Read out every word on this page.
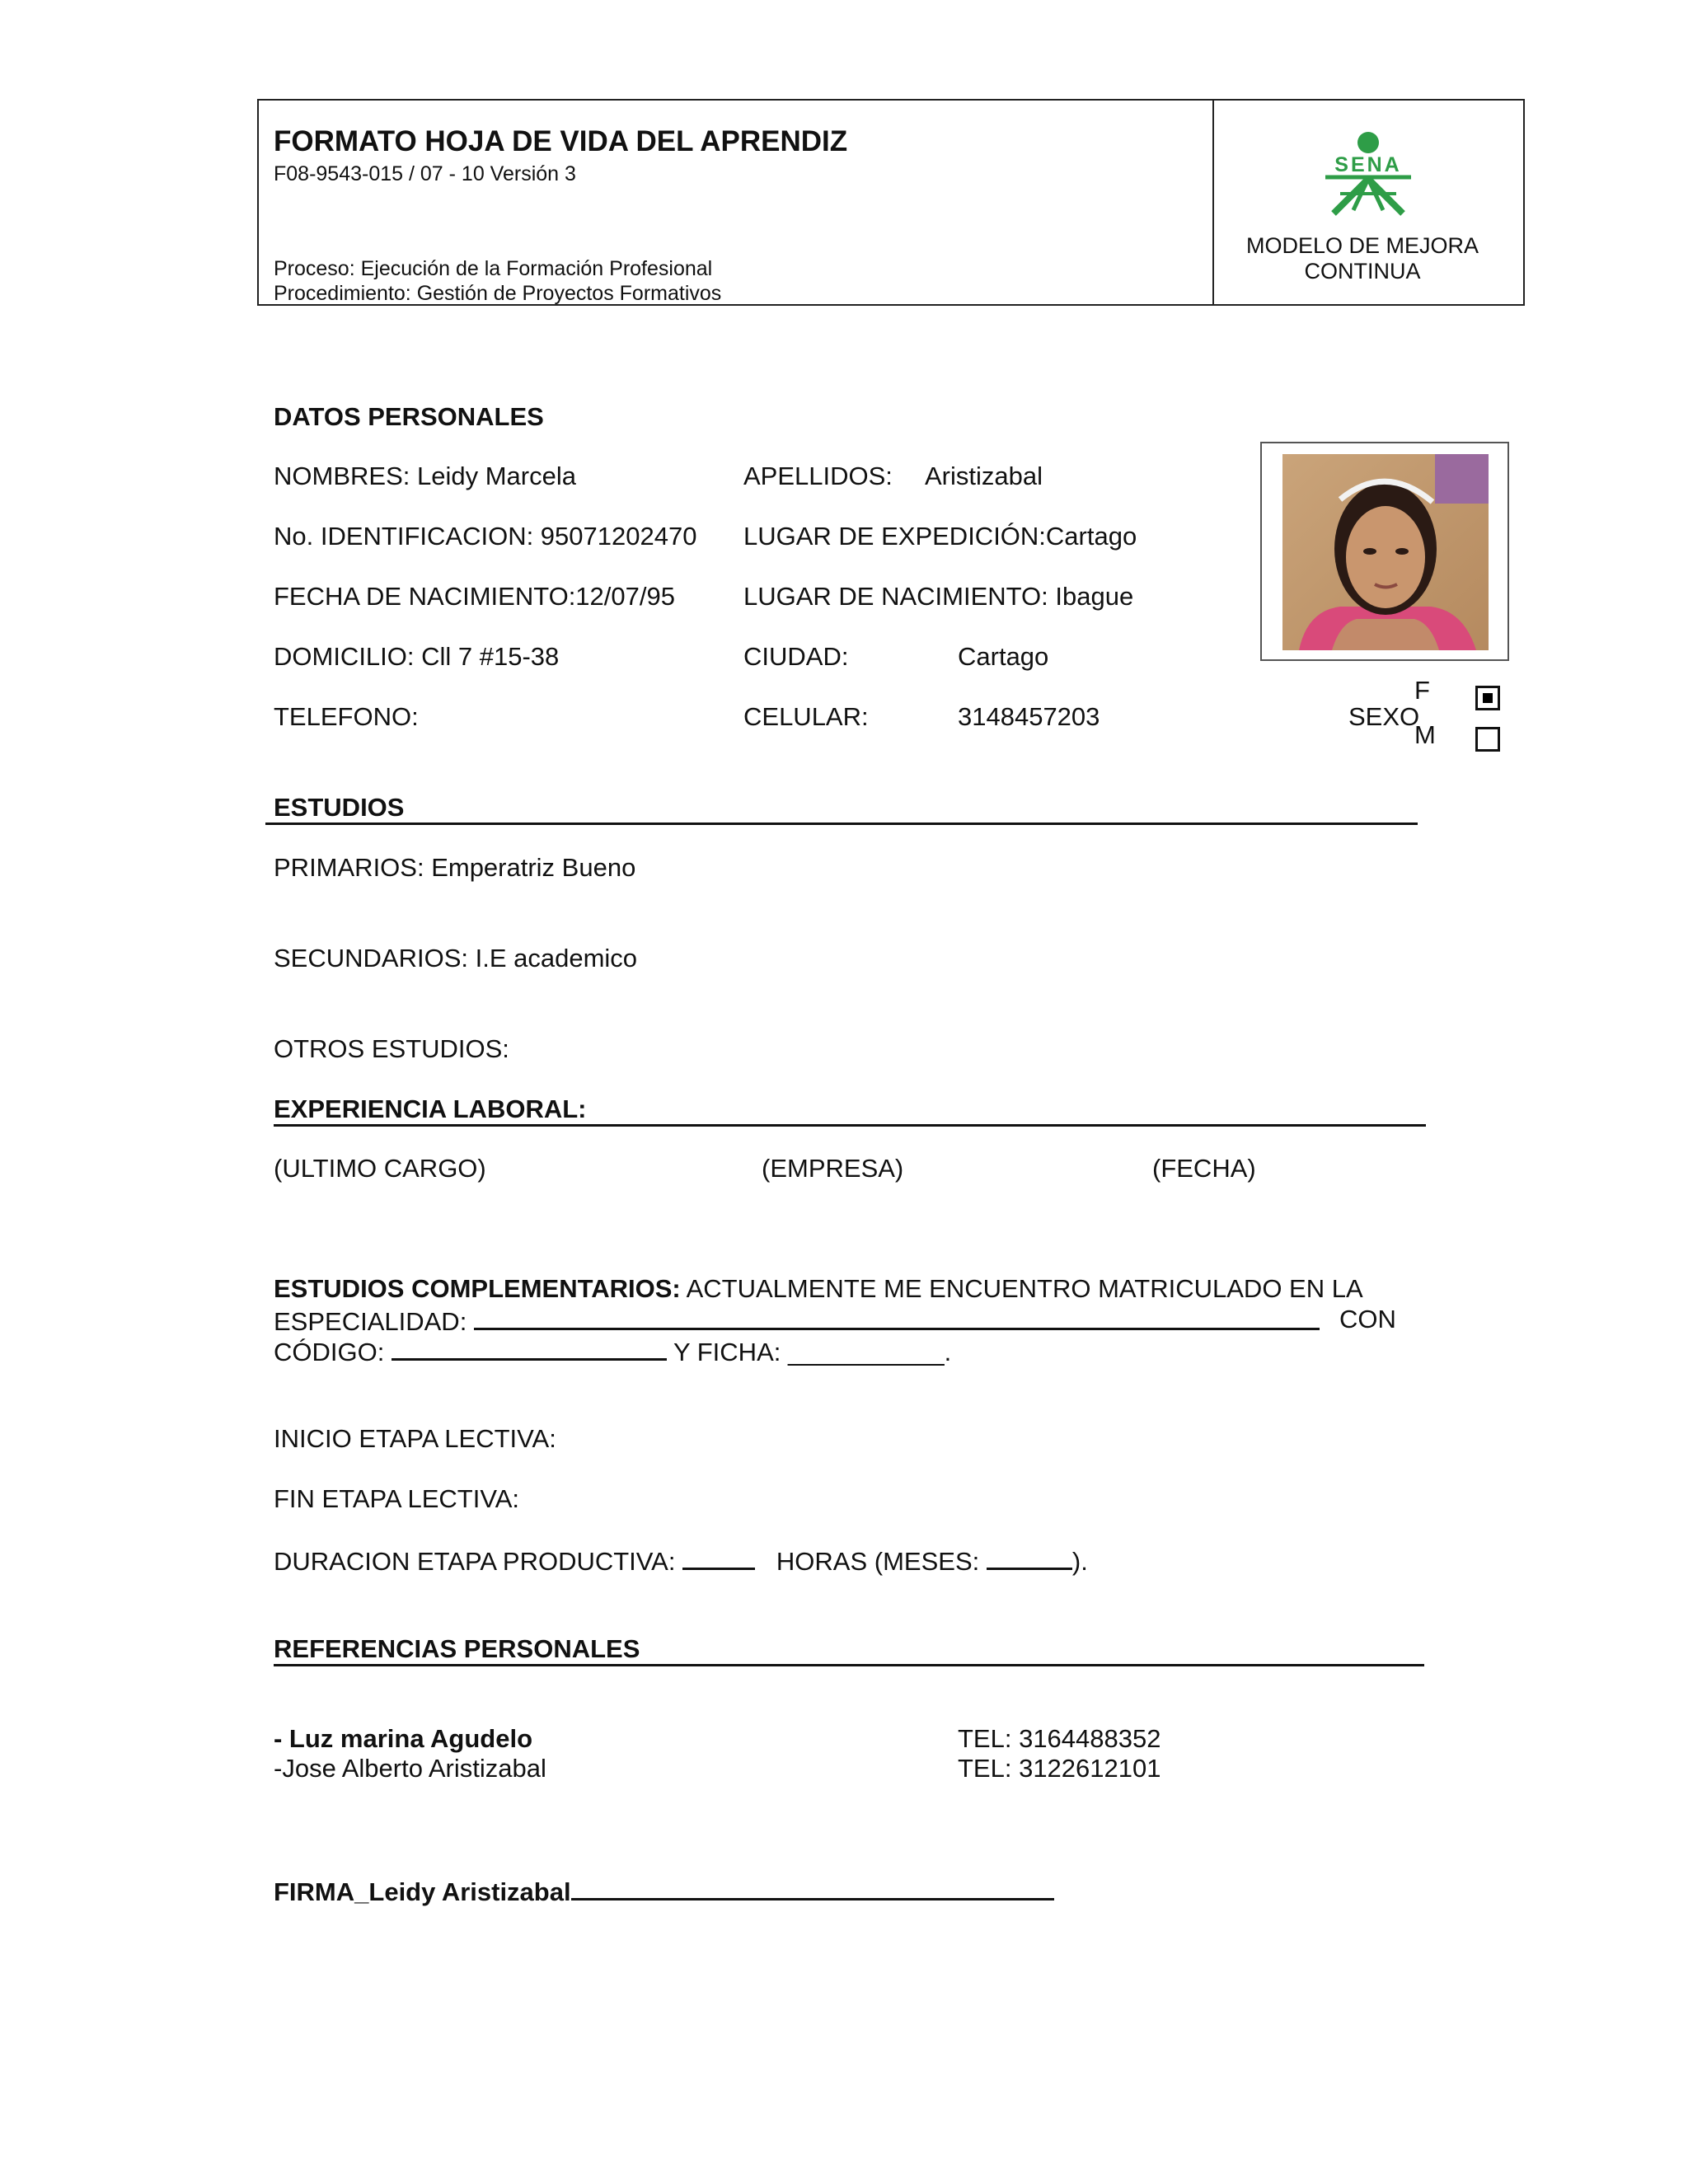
FORMATO HOJA DE VIDA DEL APRENDIZ
F08-9543-015 / 07 - 10 Versión 3
Proceso: Ejecución de la Formación Profesional
Procedimiento: Gestión de Proyectos Formativos
SENA
MODELO DE MEJORA
CONTINUA
DATOS PERSONALES
NOMBRES: Leidy Marcela	APELLIDOS: Aristizabal
No. IDENTIFICACION: 95071202470 LUGAR DE EXPEDICIÓN:Cartago
FECHA DE NACIMIENTO:12/07/95	LUGAR DE NACIMIENTO: Ibague
DOMICILIO: Cll 7 #15-38	CIUDAD:	Cartago
TELEFONO:	CELULAR:	3148457203	SEXO
F
M
ESTUDIOS
PRIMARIOS: Emperatriz Bueno
SECUNDARIOS: I.E academico
OTROS ESTUDIOS:
EXPERIENCIA LABORAL:
(ULTIMO CARGO)	(EMPRESA)	(FECHA)
ESTUDIOS COMPLEMENTARIOS: ACTUALMENTE ME ENCUENTRO MATRICULADO EN LA
ESPECIALIDAD:	CON
CÓDIGO:	Y FICHA: ___________.
INICIO ETAPA LECTIVA:
FIN ETAPA LECTIVA:
DURACION ETAPA PRODUCTIVA:	HORAS (MESES:	).
REFERENCIAS PERSONALES
- Luz marina Agudelo	TEL: 3164488352
-Jose Alberto Aristizabal	TEL: 3122612101
FIRMA_Leidy Aristizabal
